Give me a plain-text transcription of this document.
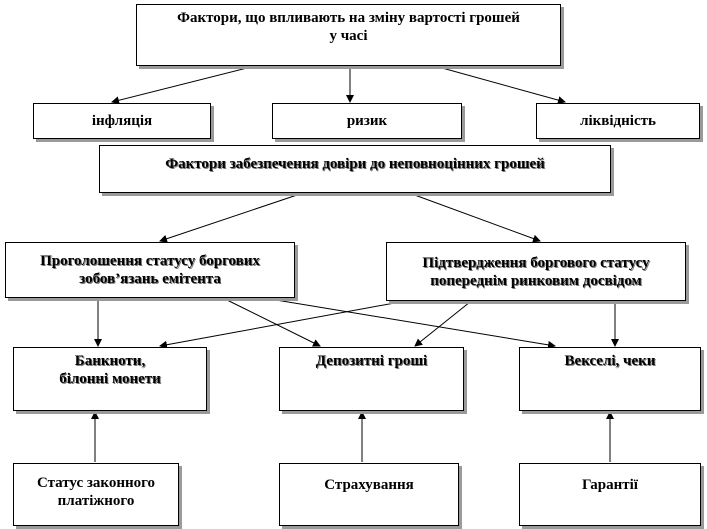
Фактори, що впливають на зміну вартості грошей
у часі
інфляція	ризик	ліквідність
Фактори забезпечення довіри до неповноцінних грошей
Проголошення статусу боргових
зобов’язань емітента
Підтвердження боргового статусу
попереднім ринковим досвідом
Банкноти,
білонні монети
Депозитні гроші	Векселі, чеки
Статус законного
платіжного
Страхування	Гарантії
